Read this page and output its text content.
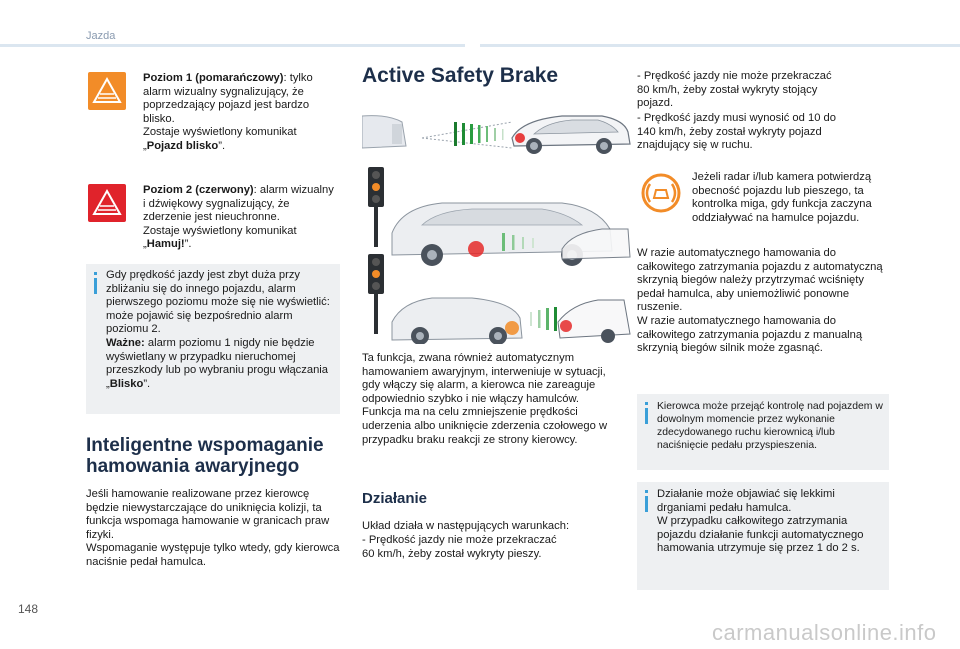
Jazda
Poziom 1 (pomarańczowy): tylko alarm wizualny sygnalizujący, że poprzedzający pojazd jest bardzo blisko.
Zostaje wyświetlony komunikat „Pojazd blisko”.
Poziom 2 (czerwony): alarm wizualny i dźwiękowy sygnalizujący, że zderzenie jest nieuchronne.
Zostaje wyświetlony komunikat „Hamuj!”.
Gdy prędkość jazdy jest zbyt duża przy zbliżaniu się do innego pojazdu, alarm pierwszego poziomu może się nie wyświetlić: może pojawić się bezpośrednio alarm poziomu 2.
Ważne: alarm poziomu 1 nigdy nie będzie wyświetlany w przypadku nieruchomej przeszkody lub po wybraniu progu włączania „Blisko”.
Inteligentne wspomaganie hamowania awaryjnego
Jeśli hamowanie realizowane przez kierowcę będzie niewystarczające do uniknięcia kolizji, ta funkcja wspomaga hamowanie w granicach praw fizyki.
Wspomaganie występuje tylko wtedy, gdy kierowca naciśnie pedał hamulca.
Active Safety Brake
Ta funkcja, zwana również automatycznym hamowaniem awaryjnym, interweniuje w sytuacji, gdy włączy się alarm, a kierowca nie zareaguje odpowiednio szybko i nie włączy hamulców.
Funkcja ma na celu zmniejszenie prędkości uderzenia albo uniknięcie zderzenia czołowego w przypadku braku reakcji ze strony kierowcy.
Działanie
Układ działa w następujących warunkach:
- Prędkość jazdy nie może przekraczać
60 km/h, żeby został wykryty pieszy.
- Prędkość jazdy nie może przekraczać
80 km/h, żeby został wykryty stojący
pojazd.
- Prędkość jazdy musi wynosić od 10 do
140 km/h, żeby został wykryty pojazd
znajdujący się w ruchu.
Jeżeli radar i/lub kamera potwierdzą obecność pojazdu lub pieszego, ta kontrolka miga, gdy funkcja zaczyna oddziaływać na hamulce pojazdu.
W razie automatycznego hamowania do całkowitego zatrzymania pojazdu z automatyczną skrzynią biegów należy przytrzymać wciśnięty pedał hamulca, aby uniemożliwić ponowne ruszenie.
W razie automatycznego hamowania do całkowitego zatrzymania pojazdu z manualną skrzynią biegów silnik może zgasnąć.
Kierowca może przejąć kontrolę nad pojazdem w dowolnym momencie przez wykonanie zdecydowanego ruchu kierownicą i/lub naciśnięcie pedału przyspieszenia.
Działanie może objawiać się lekkimi drganiami pedału hamulca.
W przypadku całkowitego zatrzymania pojazdu działanie funkcji automatycznego hamowania utrzymuje się przez 1 do 2 s.
148
carmanualsonline.info
